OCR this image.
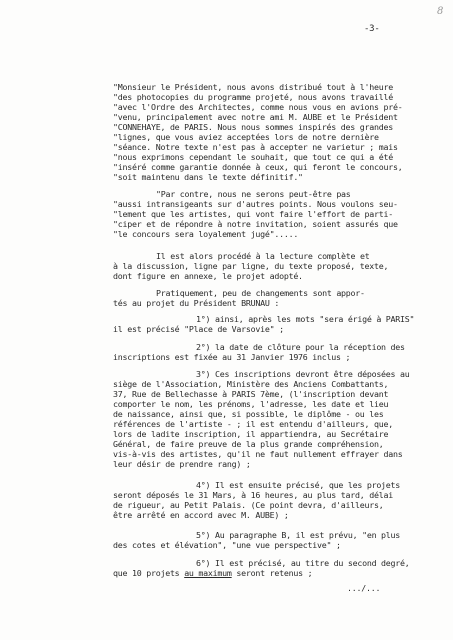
-3-
8
"Monsieur le Président, nous avons distribué tout à l'heure
"des photocopies du programme projeté, nous avons travaillé
"avec l'Ordre des Architectes, comme nous vous en avions pré-
"venu, principalement avec notre ami M. AUBE et le Président
"CONNEHAYE, de PARIS. Nous nous sommes inspirés des grandes
"lignes, que vous aviez acceptées lors de notre dernière
"séance. Notre texte n'est pas à accepter ne varietur ; mais
"nous exprimons cependant le souhait, que tout ce qui a été
"inséré comme garantie donnée à ceux, qui feront le concours,
"soit maintenu dans le texte définitif."
"Par contre, nous ne serons peut-être pas
"aussi intransigeants sur d'autres points. Nous voulons seu-
"lement que les artistes, qui vont faire l'effort de parti-
"ciper et de répondre à notre invitation, soient assurés que
"le concours sera loyalement jugé".....
Il est alors procédé à la lecture complète et
à la discussion, ligne par ligne, du texte proposé, texte,
dont figure en annexe, le projet adopté.
Pratiquement, peu de changements sont appor-
tés au projet du Président BRUNAU :
1°) ainsi, après les mots "sera érigé à PARIS"
il est précisé "Place de Varsovie" ;
2°) la date de clôture pour la réception des
inscriptions est fixée au 31 Janvier 1976 inclus ;
3°) Ces inscriptions devront être déposées au
siège de l'Association, Ministère des Anciens Combattants,
37, Rue de Bellechasse à PARIS 7ème, (l'inscription devant
comporter le nom, les prénoms, l'adresse, les date et lieu
de naissance, ainsi que, si possible, le diplôme - ou les
références de l'artiste - ; il est entendu d'ailleurs, que,
lors de ladite inscription, il appartiendra, au Secrétaire
Général, de faire preuve de la plus grande compréhension,
vis-à-vis des artistes, qu'il ne faut nullement effrayer dans
leur désir de prendre rang) ;
4°) Il est ensuite précisé, que les projets
seront déposés le 31 Mars, à 16 heures, au plus tard, délai
de rigueur, au Petit Palais. (Ce point devra, d'ailleurs,
être arrêté en accord avec M. AUBE) ;
5°) Au paragraphe B, il est prévu, "en plus
des cotes et élévation", "une vue perspective" ;
6°) Il est précisé, au titre du second degré,
que 10 projets au maximum seront retenus ;
.../...
